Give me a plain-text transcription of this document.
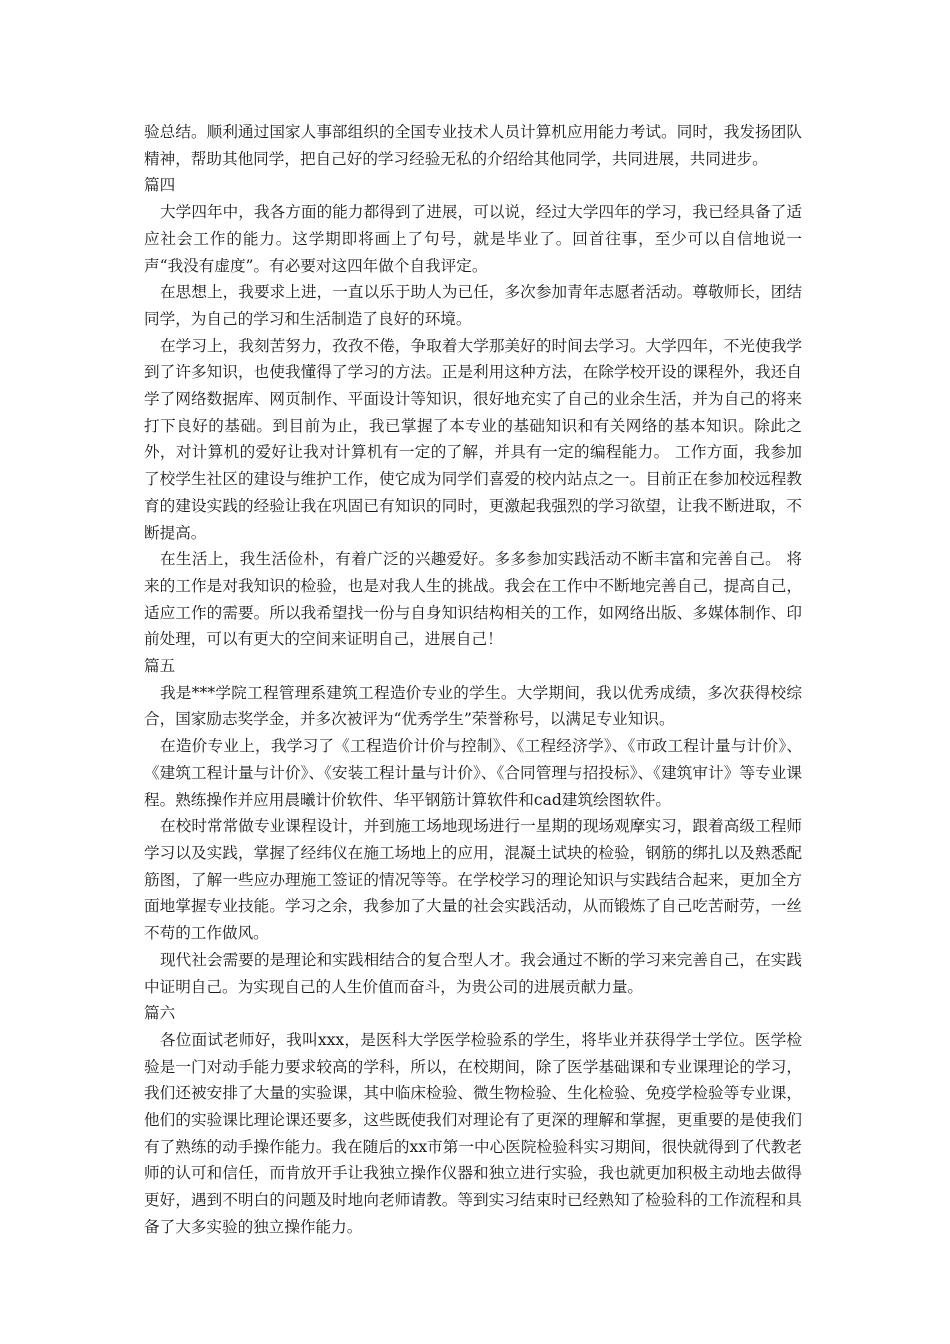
验总结。顺利通过国家人事部组织的全国专业技术人员计算机应用能力考试。同时，我发扬团队精神，帮助其他同学，把自己好的学习经验无私的介绍给其他同学，共同进展，共同进步。

篇四

大学四年中，我各方面的能力都得到了进展，可以说，经过大学四年的学习，我已经具备了适应社会工作的能力。这学期即将画上了句号，就是毕业了。回首往事，至少可以自信地说一声“我没有虚度”。有必要对这四年做个自我评定。

在思想上，我要求上进，一直以乐于助人为已任，多次参加青年志愿者活动。尊敬师长，团结同学，为自己的学习和生活制造了良好的环境。

在学习上，我刻苦努力，孜孜不倦，争取着大学那美好的时间去学习。大学四年，不光使我学到了许多知识，也使我懂得了学习的方法。正是利用这种方法，在除学校开设的课程外，我还自学了网络数据库、网页制作、平面设计等知识，很好地充实了自己的业余生活，并为自己的将来打下良好的基础。到目前为止，我已掌握了本专业的基础知识和有关网络的基本知识。除此之外，对计算机的爱好让我对计算机有一定的了解，并具有一定的编程能力。 工作方面，我参加了校学生社区的建设与维护工作，使它成为同学们喜爱的校内站点之一。目前正在参加校远程教育的建设实践的经验让我在巩固已有知识的同时，更激起我强烈的学习欲望，让我不断进取，不断提高。

在生活上，我生活俭朴，有着广泛的兴趣爱好。多多参加实践活动不断丰富和完善自己。 将来的工作是对我知识的检验，也是对我人生的挑战。我会在工作中不断地完善自己，提高自己，适应工作的需要。所以我希望找一份与自身知识结构相关的工作，如网络出版、多媒体制作、印前处理，可以有更大的空间来证明自己，进展自己！

篇五

我是***学院工程管理系建筑工程造价专业的学生。大学期间，我以优秀成绩，多次获得校综合，国家励志奖学金，并多次被评为“优秀学生”荣誉称号，以满足专业知识。

在造价专业上，我学习了《工程造价计价与控制》、《工程经济学》、《市政工程计量与计价》、《建筑工程计量与计价》、《安装工程计量与计价》、《合同管理与招投标》、《建筑审计》等专业课程。熟练操作并应用晨曦计价软件、华平钢筋计算软件和cad建筑绘图软件。

在校时常常做专业课程设计，并到施工场地现场进行一星期的现场观摩实习，跟着高级工程师学习以及实践，掌握了经纬仪在施工场地上的应用，混凝土试块的检验，钢筋的绑扎以及熟悉配筋图，了解一些应办理施工签证的情况等等。在学校学习的理论知识与实践结合起来，更加全方面地掌握专业技能。学习之余，我参加了大量的社会实践活动，从而锻炼了自己吃苦耐劳，一丝不苟的工作做风。

现代社会需要的是理论和实践相结合的复合型人才。我会通过不断的学习来完善自己，在实践中证明自己。为实现自己的人生价值而奋斗，为贵公司的进展贡献力量。

篇六

各位面试老师好，我叫xxx，是医科大学医学检验系的学生，将毕业并获得学士学位。医学检验是一门对动手能力要求较高的学科，所以，在校期间，除了医学基础课和专业课理论的学习，我们还被安排了大量的实验课，其中临床检验、微生物检验、生化检验、免疫学检验等专业课，他们的实验课比理论课还要多，这些既使我们对理论有了更深的理解和掌握，更重要的是使我们有了熟练的动手操作能力。我在随后的xx市第一中心医院检验科实习期间，很快就得到了代教老师的认可和信任，而肯放开手让我独立操作仪器和独立进行实验，我也就更加积极主动地去做得更好，遇到不明白的问题及时地向老师请教。等到实习结束时已经熟知了检验科的工作流程和具备了大多实验的独立操作能力。
